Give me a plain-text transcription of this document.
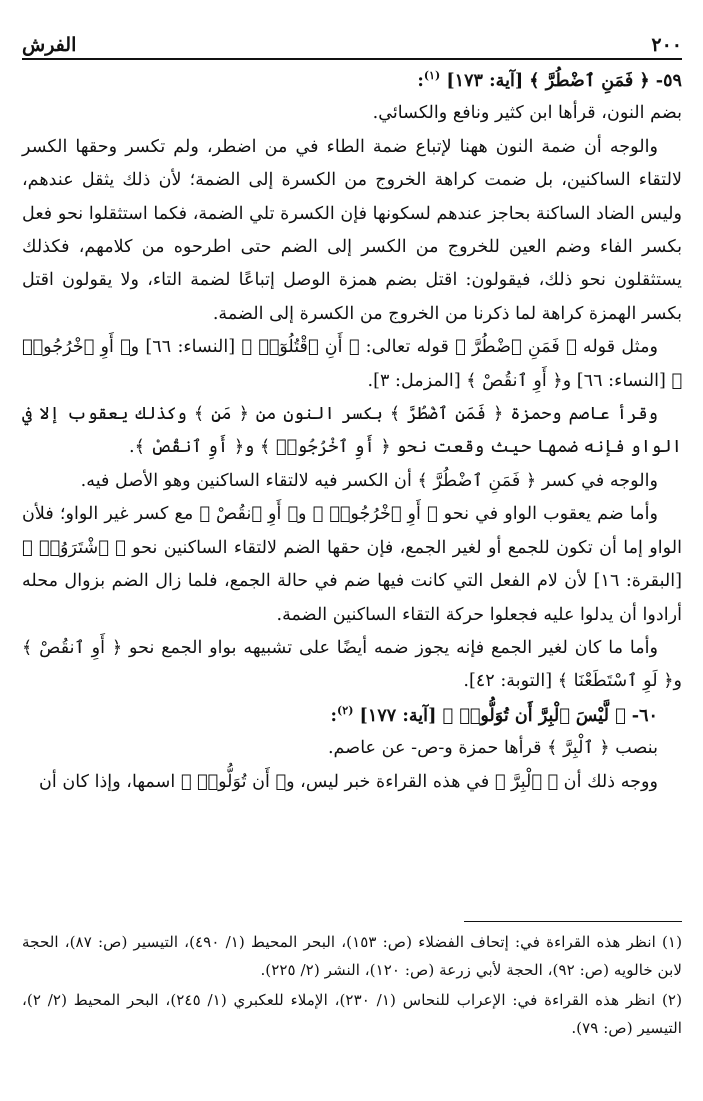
٢٠٠
الفرش

٥٩- ﴿ فَمَنِ ٱضْطُرَّ ﴾ [آية: ١٧٣] $^{(١)}$:

بضم النون، قرأها ابن كثير ونافع والكسائي.

والوجه أن ضمة النون ههنا لإتباع ضمة الطاء في من اضطر، ولم تكسر وحقها الكسر لالتقاء الساكنين، بل ضمت كراهة الخروج من الكسرة إلى الضمة؛ لأن ذلك يثقل عندهم، وليس الضاد الساكنة بحاجز عندهم لسكونها فإن الكسرة تلي الضمة، فكما استثقلوا نحو فعل بكسر الفاء وضم العين للخروج من الكسر إلى الضم حتى اطرحوه من كلامهم، فكذلك يستثقلون نحو ذلك، فيقولون: اقتل بضم همزة الوصل إتباعًا لضمة التاء، ولا يقولون اقتل بكسر الهمزة كراهة لما ذكرنا من الخروج من الكسرة إلى الضمة.

ومثل قوله ﴿ فَمَنِ ٱضْطُرَّ ﴾ قوله تعالى: ﴿ أَنِ ٱقْتُلُوٓا۟ ﴾ [النساء: ٦٦] و﴿ أَوِ ٱخْرُجُوا۟ ﴾ [النساء: ٦٦] و﴿ أَوِ ٱنقُصْ ﴾ [المزمل: ٣].

وقرأ عاصم وحمزة ﴿ فَمَنِ ٱضْطُرَّ ﴾ بكسر النون من ﴿ مَنِ ﴾ وكذلك يعقوب إلا في الواو فإنه ضمها حيث وقعت نحو ﴿ أَوِ ٱخْرُجُوا۟ ﴾ و﴿ أَوِ ٱنقُصْ ﴾.

والوجه في كسر ﴿ فَمَنِ ٱضْطُرَّ ﴾ أن الكسر فيه لالتقاء الساكنين وهو الأصل فيه.

وأما ضم يعقوب الواو في نحو ﴿ أَوِ ٱخْرُجُوا۟ ﴾ و﴿ أَوِ ٱنقُصْ ﴾ مع كسر غير الواو؛ فلأن الواو إما أن تكون للجمع أو لغير الجمع، فإن حقها الضم لالتقاء الساكنين نحو ﴿ ٱشْتَرَوُا۟ ﴾ [البقرة: ١٦] لأن لام الفعل التي كانت فيها ضم في حالة الجمع، فلما زال الضم بزوال محله أرادوا أن يدلوا عليه فجعلوا حركة التقاء الساكنين الضمة.

وأما ما كان لغير الجمع فإنه يجوز ضمه أيضًا على تشبيهه بواو الجمع نحو ﴿ أَوِ ٱنقُصْ ﴾ و﴿ لَوِ ٱسْتَطَعْنَا ﴾ [التوبة: ٤٢].

٦٠- ﴿ لَّيْسَ ٱلْبِرَّ أَن تُوَلُّوا۟ ﴾ [آية: ١٧٧] $^{(٢)}$:

بنصب ﴿ ٱلْبِرَّ ﴾ قرأها حمزة و-ص- عن عاصم.

ووجه ذلك أن ﴿ ٱلْبِرَّ ﴾ في هذه القراءة خبر ليس، و﴿ أَن تُوَلُّوا۟ ﴾ اسمها، وإذا كان أن

(١) انظر هذه القراءة في: إتحاف الفضلاء (ص: ١٥٣)، البحر المحيط (١/ ٤٩٠)، التيسير (ص: ٨٧)، الحجة لابن خالويه (ص: ٩٢)، الحجة لأبي زرعة (ص: ١٢٠)، النشر (٢/ ٢٢٥).

(٢) انظر هذه القراءة في: الإعراب للنحاس (١/ ٢٣٠)، الإملاء للعكبري (١/ ٢٤٥)، البحر المحيط (٢/ ٢)، التيسير (ص: ٧٩).
